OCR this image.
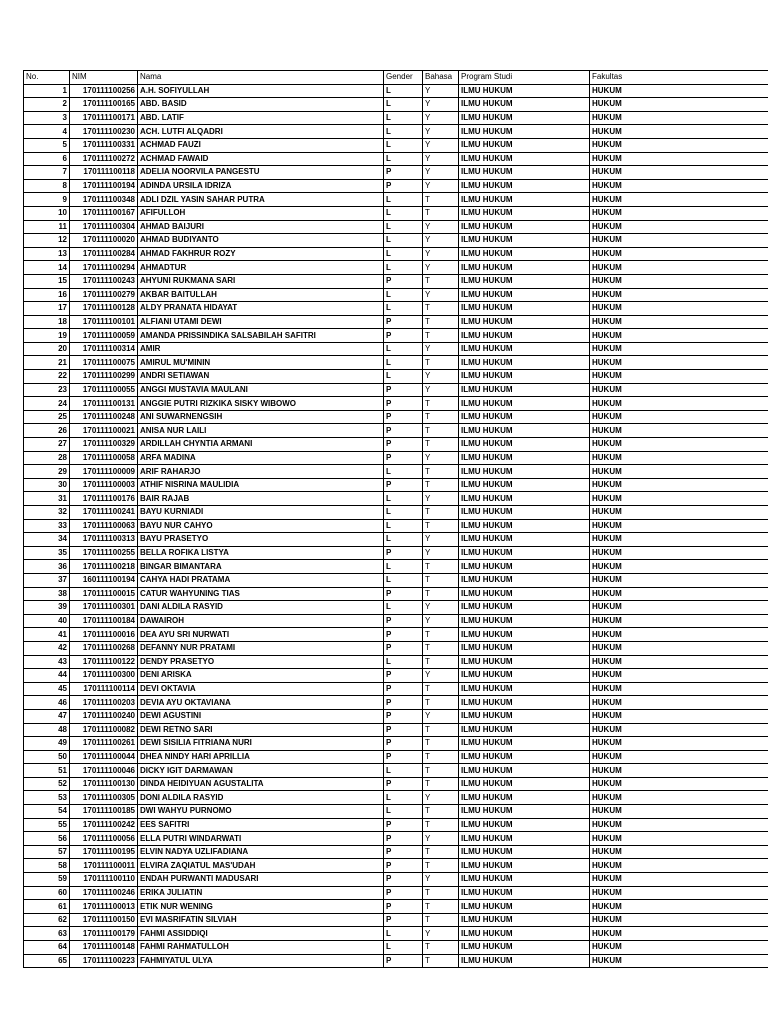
No.	NIM	Nama	Gender	Bahasa	Program Studi	Fakultas
1	170111100256	A.H. SOFIYULLAH	L	Y	ILMU HUKUM	HUKUM
2	170111100165	ABD. BASID	L	Y	ILMU HUKUM	HUKUM
3	170111100171	ABD. LATIF	L	Y	ILMU HUKUM	HUKUM
4	170111100230	ACH. LUTFI ALQADRI	L	Y	ILMU HUKUM	HUKUM
5	170111100331	ACHMAD FAUZI	L	Y	ILMU HUKUM	HUKUM
6	170111100272	ACHMAD FAWAID	L	Y	ILMU HUKUM	HUKUM
7	170111100118	ADELIA NOORVILA PANGESTU	P	Y	ILMU HUKUM	HUKUM
8	170111100194	ADINDA URSILA IDRIZA	P	Y	ILMU HUKUM	HUKUM
9	170111100348	ADLI DZIL YASIN SAHAR PUTRA	L	T	ILMU HUKUM	HUKUM
10	170111100167	AFIFULLOH	L	T	ILMU HUKUM	HUKUM
11	170111100304	AHMAD BAIJURI	L	Y	ILMU HUKUM	HUKUM
12	170111100020	AHMAD BUDIYANTO	L	Y	ILMU HUKUM	HUKUM
13	170111100284	AHMAD FAKHRUR ROZY	L	Y	ILMU HUKUM	HUKUM
14	170111100294	AHMADTUR	L	Y	ILMU HUKUM	HUKUM
15	170111100243	AHYUNI RUKMANA SARI	P	T	ILMU HUKUM	HUKUM
16	170111100279	AKBAR BAITULLAH	L	Y	ILMU HUKUM	HUKUM
17	170111100128	ALDY PRANATA HIDAYAT	L	T	ILMU HUKUM	HUKUM
18	170111100101	ALFIANI UTAMI DEWI	P	T	ILMU HUKUM	HUKUM
19	170111100059	AMANDA PRISSINDIKA SALSABILAH SAFITRI	P	T	ILMU HUKUM	HUKUM
20	170111100314	AMIR	L	Y	ILMU HUKUM	HUKUM
21	170111100075	AMIRUL MU'MININ	L	T	ILMU HUKUM	HUKUM
22	170111100299	ANDRI SETIAWAN	L	Y	ILMU HUKUM	HUKUM
23	170111100055	ANGGI MUSTAVIA MAULANI	P	Y	ILMU HUKUM	HUKUM
24	170111100131	ANGGIE PUTRI RIZKIKA SISKY WIBOWO	P	T	ILMU HUKUM	HUKUM
25	170111100248	ANI SUWARNENGSIH	P	T	ILMU HUKUM	HUKUM
26	170111100021	ANISA NUR LAILI	P	T	ILMU HUKUM	HUKUM
27	170111100329	ARDILLAH CHYNTIA ARMANI	P	T	ILMU HUKUM	HUKUM
28	170111100058	ARFA MADINA	P	Y	ILMU HUKUM	HUKUM
29	170111100009	ARIF RAHARJO	L	T	ILMU HUKUM	HUKUM
30	170111100003	ATHIF NISRINA MAULIDIA	P	T	ILMU HUKUM	HUKUM
31	170111100176	BAIR RAJAB	L	Y	ILMU HUKUM	HUKUM
32	170111100241	BAYU KURNIADI	L	T	ILMU HUKUM	HUKUM
33	170111100063	BAYU NUR CAHYO	L	T	ILMU HUKUM	HUKUM
34	170111100313	BAYU PRASETYO	L	Y	ILMU HUKUM	HUKUM
35	170111100255	BELLA ROFIKA LISTYA	P	Y	ILMU HUKUM	HUKUM
36	170111100218	BINGAR BIMANTARA	L	T	ILMU HUKUM	HUKUM
37	160111100194	CAHYA HADI PRATAMA	L	T	ILMU HUKUM	HUKUM
38	170111100015	CATUR WAHYUNING TIAS	P	T	ILMU HUKUM	HUKUM
39	170111100301	DANI ALDILA RASYID	L	Y	ILMU HUKUM	HUKUM
40	170111100184	DAWAIROH	P	Y	ILMU HUKUM	HUKUM
41	170111100016	DEA AYU SRI NURWATI	P	T	ILMU HUKUM	HUKUM
42	170111100268	DEFANNY NUR PRATAMI	P	T	ILMU HUKUM	HUKUM
43	170111100122	DENDY PRASETYO	L	T	ILMU HUKUM	HUKUM
44	170111100300	DENI ARISKA	P	Y	ILMU HUKUM	HUKUM
45	170111100114	DEVI OKTAVIA	P	T	ILMU HUKUM	HUKUM
46	170111100203	DEVIA AYU OKTAVIANA	P	T	ILMU HUKUM	HUKUM
47	170111100240	DEWI AGUSTINI	P	Y	ILMU HUKUM	HUKUM
48	170111100082	DEWI RETNO SARI	P	T	ILMU HUKUM	HUKUM
49	170111100261	DEWI SISILIA FITRIANA NURI	P	T	ILMU HUKUM	HUKUM
50	170111100044	DHEA NINDY HARI APRILLIA	P	T	ILMU HUKUM	HUKUM
51	170111100046	DICKY IGIT DARMAWAN	L	T	ILMU HUKUM	HUKUM
52	170111100130	DINDA HEIDIYUAN AGUSTALITA	P	T	ILMU HUKUM	HUKUM
53	170111100305	DONI ALDILA RASYID	L	Y	ILMU HUKUM	HUKUM
54	170111100185	DWI WAHYU PURNOMO	L	T	ILMU HUKUM	HUKUM
55	170111100242	EES SAFITRI	P	T	ILMU HUKUM	HUKUM
56	170111100056	ELLA PUTRI WINDARWATI	P	Y	ILMU HUKUM	HUKUM
57	170111100195	ELVIN NADYA UZLIFADIANA	P	T	ILMU HUKUM	HUKUM
58	170111100011	ELVIRA ZAQIATUL MAS'UDAH	P	T	ILMU HUKUM	HUKUM
59	170111100110	ENDAH PURWANTI MADUSARI	P	Y	ILMU HUKUM	HUKUM
60	170111100246	ERIKA JULIATIN	P	T	ILMU HUKUM	HUKUM
61	170111100013	ETIK NUR WENING	P	T	ILMU HUKUM	HUKUM
62	170111100150	EVI MASRIFATIN SILVIAH	P	T	ILMU HUKUM	HUKUM
63	170111100179	FAHMI ASSIDDIQI	L	Y	ILMU HUKUM	HUKUM
64	170111100148	FAHMI RAHMATULLOH	L	T	ILMU HUKUM	HUKUM
65	170111100223	FAHMIYATUL ULYA	P	T	ILMU HUKUM	HUKUM
